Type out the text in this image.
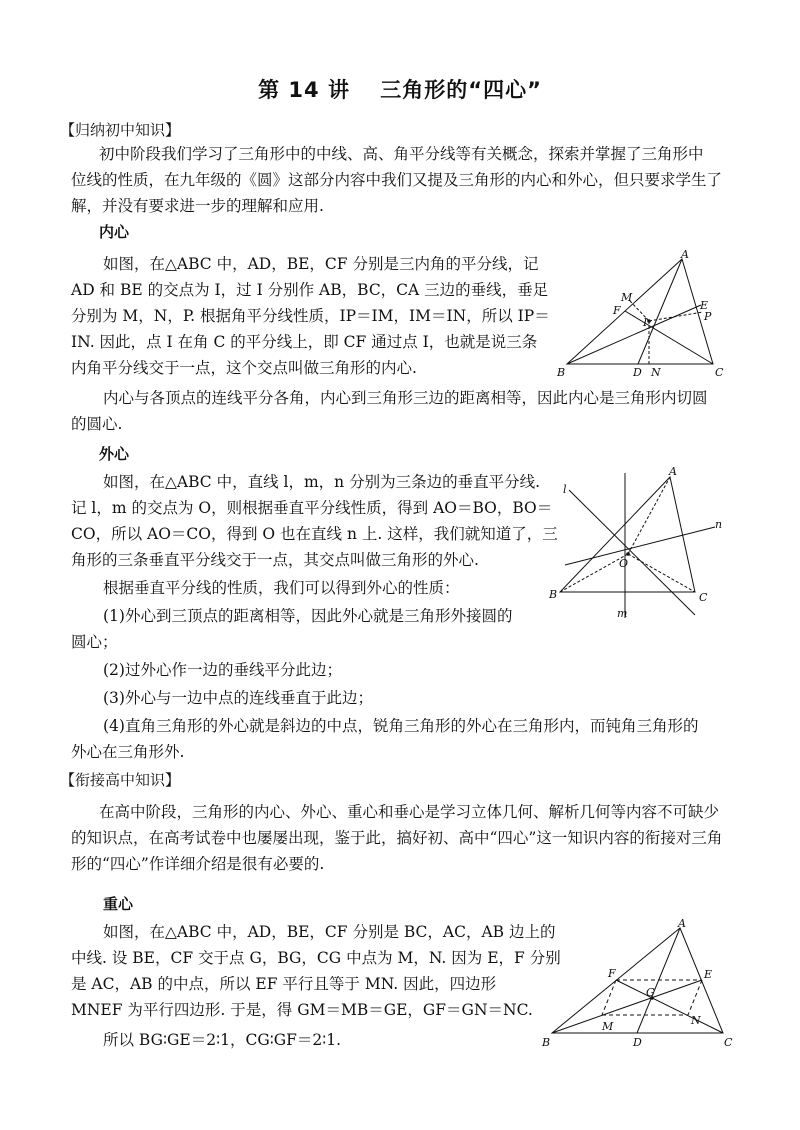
第 14 讲　 三角形的“四心”
【归纳初中知识】
初中阶段我们学习了三角形中的中线、高、角平分线等有关概念，探索并掌握了三角形中
位线的性质，在九年级的《圆》这部分内容中我们又提及三角形的内心和外心，但只要求学生了
解，并没有要求进一步的理解和应用.
内心
如图，在△ABC 中，AD，BE，CF 分别是三内角的平分线，记
AD 和 BE 的交点为 I，过 I 分别作 AB，BC，CA 三边的垂线，垂足
分别为 M，N，P. 根据角平分线性质，IP＝IM，IM＝IN，所以 IP＝
IN. 因此，点 I 在角 C 的平分线上，即 CF 通过点 I，也就是说三条
内角平分线交于一点，这个交点叫做三角形的内心.
内心与各顶点的连线平分各角，内心到三角形三边的距离相等，因此内心是三角形内切圆
的圆心.
A
B	C
D N
M
F	E
P
I
外心
如图，在△ABC 中，直线 l，m，n 分别为三条边的垂直平分线.
记 l，m 的交点为 O，则根据垂直平分线性质，得到 AO＝BO，BO＝
CO，所以 AO＝CO，得到 O 也在直线 n 上. 这样，我们就知道了，三
角形的三条垂直平分线交于一点，其交点叫做三角形的外心.
根据垂直平分线的性质，我们可以得到外心的性质：
(1)外心到三顶点的距离相等，因此外心就是三角形外接圆的
圆心；
(2)过外心作一边的垂线平分此边；
(3)外心与一边中点的连线垂直于此边；
(4)直角三角形的外心就是斜边的中点，锐角三角形的外心在三角形内，而钝角三角形的
外心在三角形外.
A
B	C
O
l
m
n
【衔接高中知识】
在高中阶段，三角形的内心、外心、重心和垂心是学习立体几何、解析几何等内容不可缺少
的知识点，在高考试卷中也屡屡出现，鉴于此，搞好初、高中“四心”这一知识内容的衔接对三角
形的“四心”作详细介绍是很有必要的.
重心
如图，在△ABC 中，AD，BE，CF 分别是 BC，AC，AB 边上的
中线. 设 BE，CF 交于点 G，BG，CG 中点为 M，N. 因为 E，F 分别
是 AC，AB 的中点，所以 EF 平行且等于 MN. 因此，四边形
MNEF 为平行四边形. 于是，得 GM＝MB＝GE，GF＝GN＝NC.
所以 BG∶GE＝2∶1，CG∶GF＝2∶1.
A
B	C
D
E
F
G
M	N
